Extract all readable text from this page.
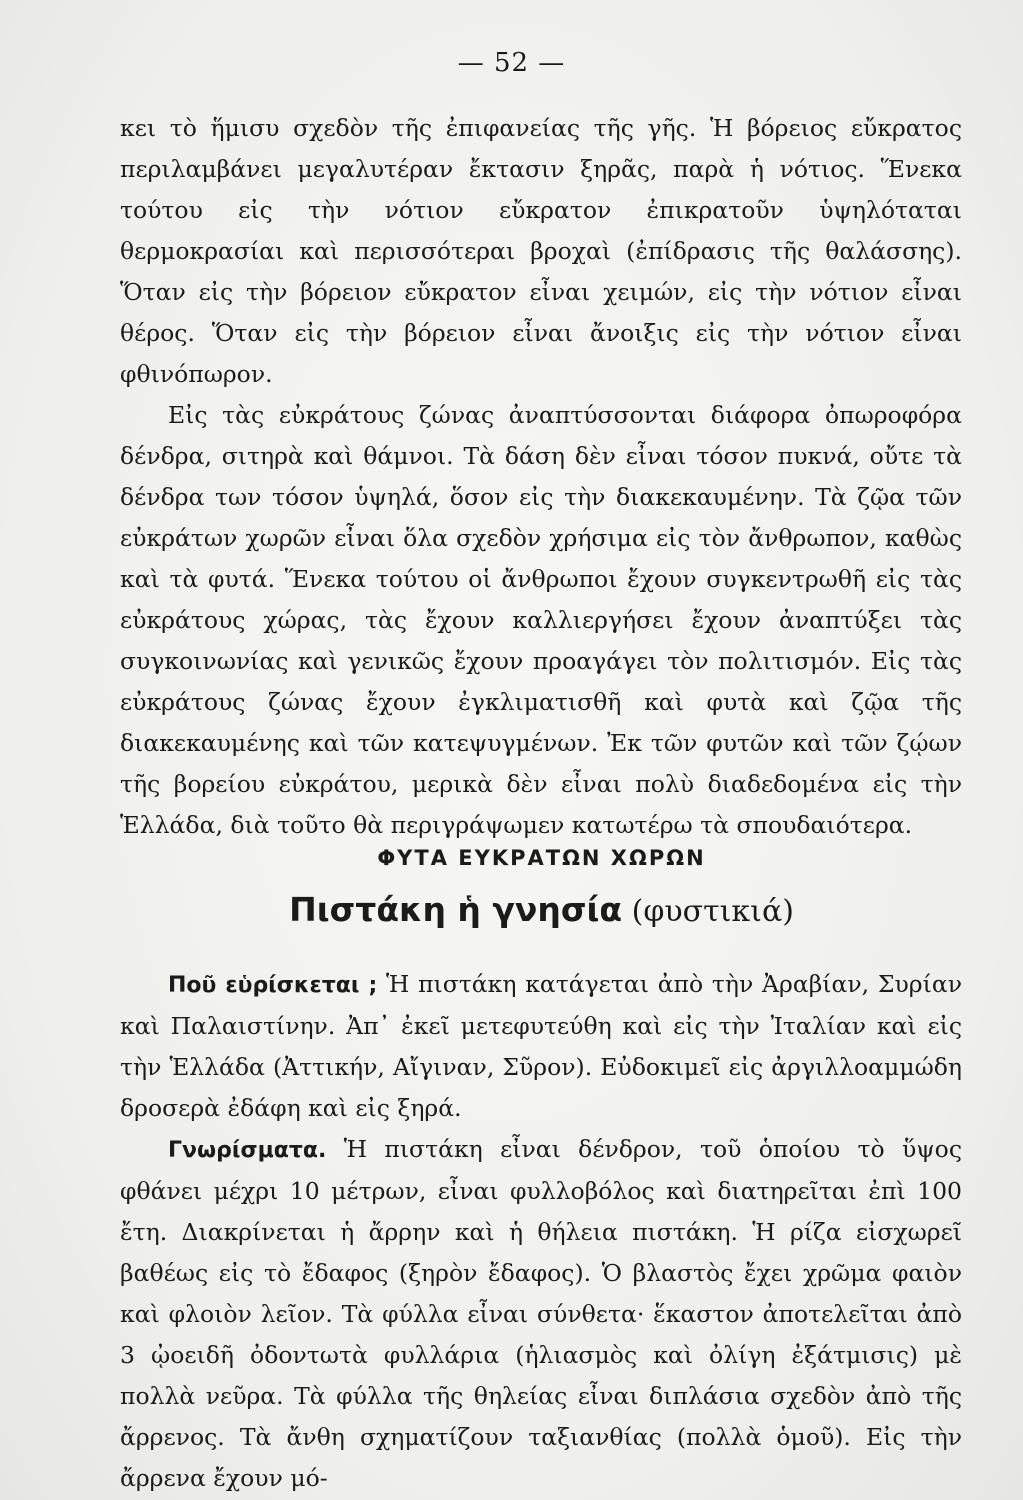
— 52 —

κει τὸ ἥμισυ σχεδὸν τῆς ἐπιφανείας τῆς γῆς. Ἡ βόρειος εὔκρατος περιλαμβάνει μεγαλυτέραν ἔκτασιν ξηρᾶς, παρὰ ἡ νότιος. Ἕνεκα τούτου εἰς τὴν νότιον εὔκρατον ἐπικρατοῦν ὑψηλόταται θερμοκρασίαι καὶ περισσότεραι βροχαὶ (ἐπίδρασις τῆς θαλάσσης). Ὅταν εἰς τὴν βόρειον εὔκρατον εἶναι χειμών, εἰς τὴν νότιον εἶναι θέρος. Ὅταν εἰς τὴν βόρειον εἶναι ἄνοιξις εἰς τὴν νότιον εἶναι φθινόπωρον.

Εἰς τὰς εὐκράτους ζώνας ἀναπτύσσονται διάφορα ὀπωροφόρα δένδρα, σιτηρὰ καὶ θάμνοι. Τὰ δάση δὲν εἶναι τόσον πυκνά, οὔτε τὰ δένδρα των τόσον ὑψηλά, ὅσον εἰς τὴν διακεκαυμένην. Τὰ ζῷα τῶν εὐκράτων χωρῶν εἶναι ὅλα σχεδὸν χρήσιμα εἰς τὸν ἄνθρωπον, καθὼς καὶ τὰ φυτά. Ἕνεκα τούτου οἱ ἄνθρωποι ἔχουν συγκεντρωθῆ εἰς τὰς εὐκράτους χώρας, τὰς ἔχουν καλλιεργήσει ἔχουν ἀναπτύξει τὰς συγκοινωνίας καὶ γενικῶς ἔχουν προαγάγει τὸν πολιτισμόν. Εἰς τὰς εὐκράτους ζώνας ἔχουν ἐγκλιματισθῆ καὶ φυτὰ καὶ ζῷα τῆς διακεκαυμένης καὶ τῶν κατεψυγμένων. Ἐκ τῶν φυτῶν καὶ τῶν ζῴων τῆς βορείου εὐκράτου, μερικὰ δὲν εἶναι πολὺ διαδεδομένα εἰς τὴν Ἑλλάδα, διὰ τοῦτο θὰ περιγράψωμεν κατωτέρω τὰ σπουδαιότερα.

ΦΥΤΑ ΕΥΚΡΑΤΩΝ ΧΩΡΩΝ
Πιστάκη ἡ γνησία (φυστικιά)

Ποῦ εὑρίσκεται ; Ἡ πιστάκη κατάγεται ἀπὸ τὴν Ἀραβίαν, Συρίαν καὶ Παλαιστίνην. Ἀπ᾿ ἐκεῖ μετεφυτεύθη καὶ εἰς τὴν Ἰταλίαν καὶ εἰς τὴν Ἑλλάδα (Ἀττικήν, Αἴγιναν, Σῦρον). Εὐδοκιμεῖ εἰς ἀργιλλοαμμώδη δροσερὰ ἐδάφη καὶ εἰς ξηρά.

Γνωρίσματα. Ἡ πιστάκη εἶναι δένδρον, τοῦ ὁποίου τὸ ὕψος φθάνει μέχρι 10 μέτρων, εἶναι φυλλοβόλος καὶ διατηρεῖται ἐπὶ 100 ἔτη. Διακρίνεται ἡ ἄρρην καὶ ἡ θήλεια πιστάκη. Ἡ ρίζα εἰσχωρεῖ βαθέως εἰς τὸ ἔδαφος (ξηρὸν ἔδαφος). Ὁ βλαστὸς ἔχει χρῶμα φαιὸν καὶ φλοιὸν λεῖον. Τὰ φύλλα εἶναι σύνθετα· ἕκαστον ἀποτελεῖται ἀπὸ 3 ᾠοειδῆ ὀδοντωτὰ φυλλάρια (ἡλιασμὸς καὶ ὀλίγη ἐξάτμισις) μὲ πολλὰ νεῦρα. Τὰ φύλλα τῆς θηλείας εἶναι διπλάσια σχεδὸν ἀπὸ τῆς ἄρρενος. Τὰ ἄνθη σχηματίζουν ταξιανθίας (πολλὰ ὁμοῦ). Εἰς τὴν ἄρρενα ἔχουν μό-
